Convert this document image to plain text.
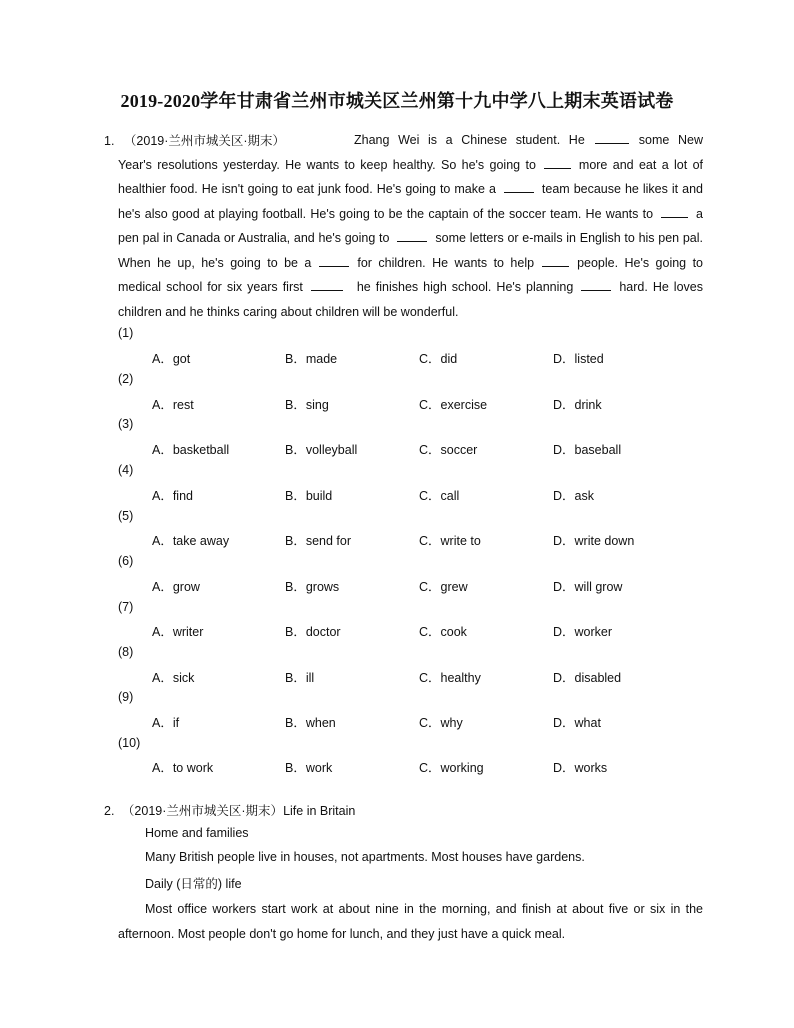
2019-2020学年甘肃省兰州市城关区兰州第十九中学八上期末英语试卷
1. （2019·兰州市城关区·期末）	Zhang Wei is a Chinese student. He	some New Year's resolutions yesterday. He wants to keep healthy. So he's going to	more and eat a lot of healthier food. He isn't going to eat junk food. He's going to make a	team because he likes it and he's also good at playing football. He's going to be the captain of the soccer team. He wants to	a pen pal in Canada or Australia, and he's going to	some letters or e-mails in English to his pen pal. When he up, he's going to be a	for children. He wants to help	people. He's going to medical school for six years first	he finishes high school. He's planning	hard. He loves children and he thinks caring about children will be wonderful.
(1)
A．got	B．made	C．did	D．listed
(2)
A．rest	B．sing	C．exercise	D．drink
(3)
A．basketball	B．volleyball	C．soccer	D．baseball
(4)
A．find	B．build	C．call	D．ask
(5)
A．take away	B．send for	C．write to	D．write down
(6)
A．grow	B．grows	C．grew	D．will grow
(7)
A．writer	B．doctor	C．cook	D．worker
(8)
A．sick	B．ill	C．healthy	D．disabled
(9)
A．if	B．when	C．why	D．what
(10)
A．to work	B．work	C．working	D．works
2. （2019·兰州市城关区·期末）Life in Britain
Home and families
Many British people live in houses, not apartments. Most houses have gardens.
Daily (日常的) life
Most office workers start work at about nine in the morning, and finish at about five or six in the afternoon. Most people don't go home for lunch, and they just have a quick meal.
